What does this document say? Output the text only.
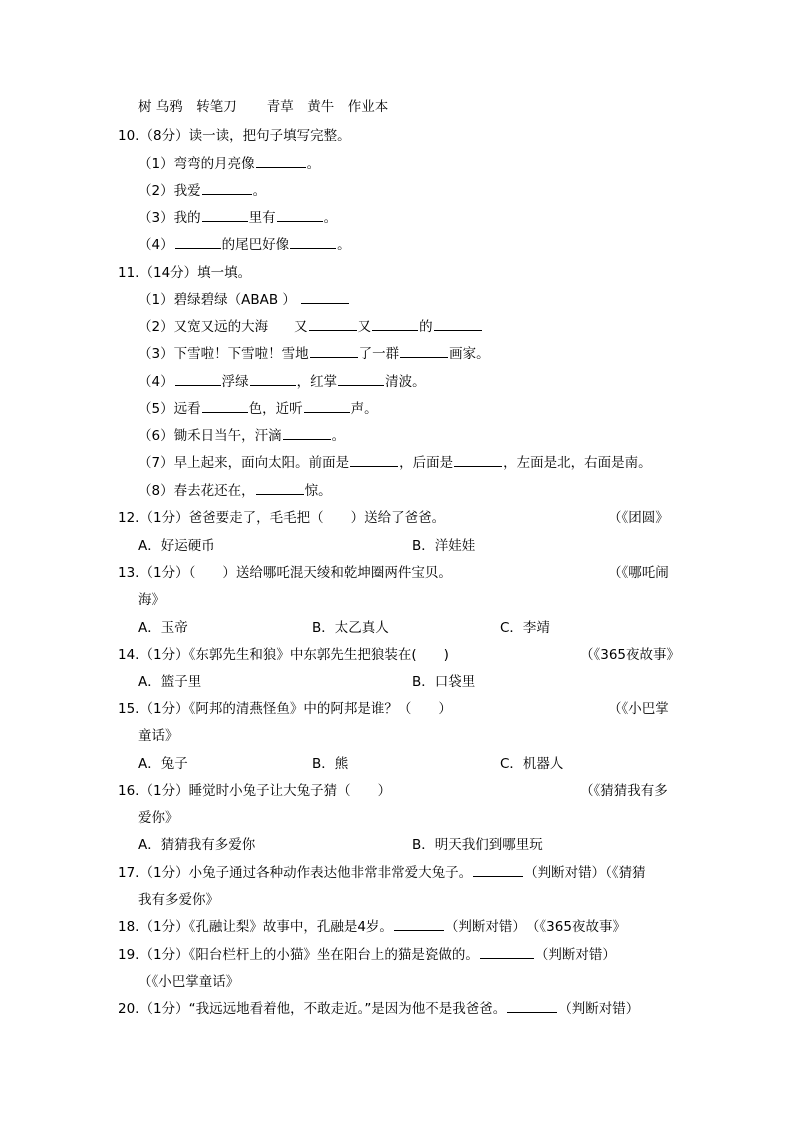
树 乌鸦　转笔刀 青草　黄牛　作业本
10.（8分）读一读，把句子填写完整。
（1）弯弯的月亮像	。
（2）我爱	。
（3）我的	里有	。
（4）	的尾巴好像	。
11.（14分）填一填。
（1）碧绿碧绿（ABAB ）
（2）又宽又远的大海 又	又	的
（3）下雪啦！下雪啦！雪地	了一群	画家。
（4）	浮绿	，红掌	清波。
（5）远看	色，近听	声。
（6）锄禾日当午，汗滴	。
（7）早上起来，面向太阳。前面是	，后面是	，左面是北，右面是南。
（8）春去花还在，	惊。
12.（1分）爸爸要走了，毛毛把（　　）送给了爸爸。	（《团圆》
A．好运硬币	B．洋娃娃
13.（1分）（　　）送给哪吒混天绫和乾坤圈两件宝贝。	（《哪吒闹
海》
A．玉帝	B．太乙真人	C．李靖
14.（1分）《东郭先生和狼》中东郭先生把狼装在(　　)	（《365夜故事》
A．篮子里	B．口袋里
15.（1分）《阿邦的清燕怪鱼》中的阿邦是谁？（　　）	（《小巴掌
童话》
A．兔子	B．熊	C．机器人
16.（1分）睡觉时小兔子让大兔子猜（　　）	（《猜猜我有多
爱你》
A．猜猜我有多爱你	B．明天我们到哪里玩
17.（1分）小兔子通过各种动作表达他非常非常爱大兔子。	（判断对错）（《猜猜
我有多爱你》
18.（1分）《孔融让梨》故事中，孔融是4岁。	（判断对错）　（《365夜故事》
19.（1分）《阳台栏杆上的小猫》坐在阳台上的猫是瓷做的。	（判断对错）
（《小巴掌童话》
20.（1分）“我远远地看着他，不敢走近。”是因为他不是我爸爸。	（判断对错）
